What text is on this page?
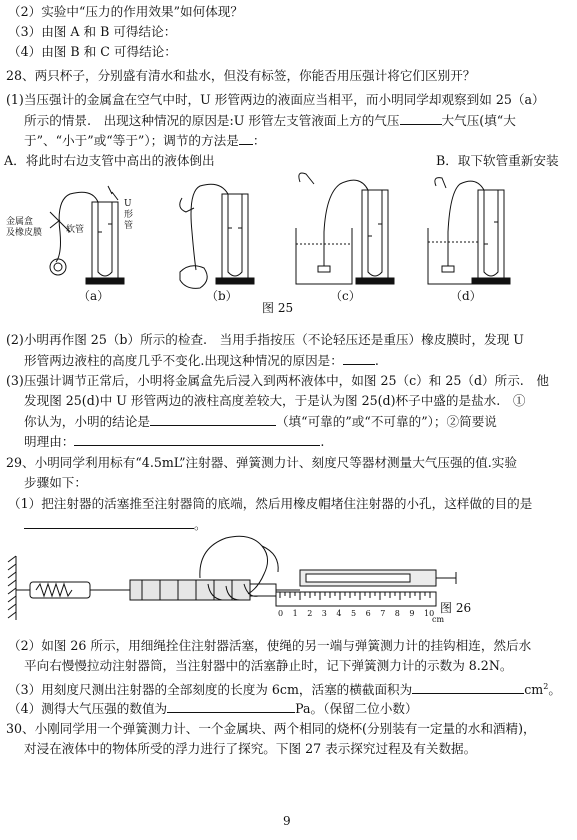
（2）实验中“压力的作用效果”如何体现？
（3）由图 A 和 B 可得结论：
（4）由图 B 和 C 可得结论：
28、两只杯子，分别盛有清水和盐水，但没有标签，你能否用压强计将它们区别开？
(1)当压强计的金属盒在空气中时，U 形管两边的液面应当相平，而小明同学却观察到如 25（a）
所示的情景.　出现这种情况的原因是:U 形管左支管液面上方的气压	大气压(填“大
于”、“小于”或“等于”）；调节的方法是 ：
A．将此时右边支管中高出的液体倒出	B．取下软管重新安装
金属盒
及橡皮膜	软管
U
形
管
（a）	（b）	（c）	（d）
图 25
(2)小明再作图 25（b）所示的检查.　当用手指按压（不论轻压还是重压）橡皮膜时，发现 U
形管两边液柱的高度几乎不变化.出现这种情况的原因是：	.
(3)压强计调节正常后，小明将金属盒先后浸入到两杯液体中，如图 25（c）和 25（d）所示.　他
发现图 25(d)中 U 形管两边的液柱高度差较大，于是认为图 25(d)杯子中盛的是盐水.　①
你认为，小明的结论是	（填“可靠的”或“不可靠的”）；②简要说
明理由：	.
29、小明同学利用标有“4.5mL”注射器、弹簧测力计、刻度尺等器材测量大气压强的值.实验
步骤如下：
（1）把注射器的活塞推至注射器筒的底端，然后用橡皮帽堵住注射器的小孔，这样做的目的是
。
0 1 2 3 4 5 6 7 8 9 10
cm
图 26
（2）如图 26 所示，用细绳拴住注射器活塞，使绳的另一端与弹簧测力计的挂钩相连，然后水
平向右慢慢拉动注射器筒，当注射器中的活塞静止时，记下弹簧测力计的示数为 8.2N。
（3）用刻度尺测出注射器的全部刻度的长度为 6cm，活塞的横截面积为	$cm^2$。
（4）测得大气压强的数值为	Pa。（保留二位小数）
30、小刚同学用一个弹簧测力计、一个金属块、两个相同的烧杯(分别装有一定量的水和酒精)，
对浸在液体中的物体所受的浮力进行了探究。下图 27 表示探究过程及有关数据。
9
